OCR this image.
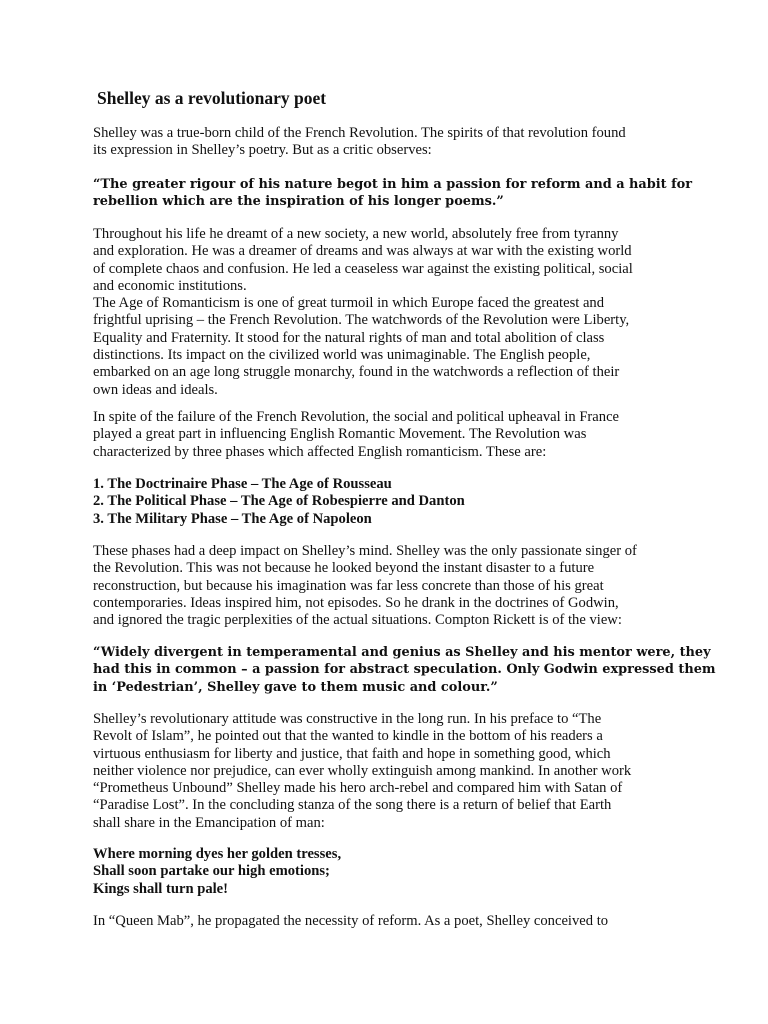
Shelley as a revolutionary poet

Shelley was a true-born child of the French Revolution. The spirits of that revolution found
its expression in Shelley’s poetry. But as a critic observes:

“The greater rigour of his nature begot in him a passion for reform and a habit for
rebellion which are the inspiration of his longer poems.”

Throughout his life he dreamt of a new society, a new world, absolutely free from tyranny
and exploration. He was a dreamer of dreams and was always at war with the existing world
of complete chaos and confusion. He led a ceaseless war against the existing political, social
and economic institutions.
The Age of Romanticism is one of great turmoil in which Europe faced the greatest and
frightful uprising – the French Revolution. The watchwords of the Revolution were Liberty,
Equality and Fraternity. It stood for the natural rights of man and total abolition of class
distinctions. Its impact on the civilized world was unimaginable. The English people,
embarked on an age long struggle monarchy, found in the watchwords a reflection of their
own ideas and ideals.

In spite of the failure of the French Revolution, the social and political upheaval in France
played a great part in influencing English Romantic Movement. The Revolution was
characterized by three phases which affected English romanticism. These are:

1. The Doctrinaire Phase – The Age of Rousseau
2. The Political Phase – The Age of Robespierre and Danton
3. The Military Phase – The Age of Napoleon

These phases had a deep impact on Shelley’s mind. Shelley was the only passionate singer of
the Revolution. This was not because he looked beyond the instant disaster to a future
reconstruction, but because his imagination was far less concrete than those of his great
contemporaries. Ideas inspired him, not episodes. So he drank in the doctrines of Godwin,
and ignored the tragic perplexities of the actual situations. Compton Rickett is of the view:

“Widely divergent in temperamental and genius as Shelley and his mentor were, they
had this in common – a passion for abstract speculation. Only Godwin expressed them
in ‘Pedestrian’, Shelley gave to them music and colour.”

Shelley’s revolutionary attitude was constructive in the long run. In his preface to “The
Revolt of Islam”, he pointed out that the wanted to kindle in the bottom of his readers a
virtuous enthusiasm for liberty and justice, that faith and hope in something good, which
neither violence nor prejudice, can ever wholly extinguish among mankind. In another work
“Prometheus Unbound” Shelley made his hero arch-rebel and compared him with Satan of
“Paradise Lost”. In the concluding stanza of the song there is a return of belief that Earth
shall share in the Emancipation of man:

Where morning dyes her golden tresses,
Shall soon partake our high emotions;
Kings shall turn pale!

In “Queen Mab”, he propagated the necessity of reform. As a poet, Shelley conceived to
